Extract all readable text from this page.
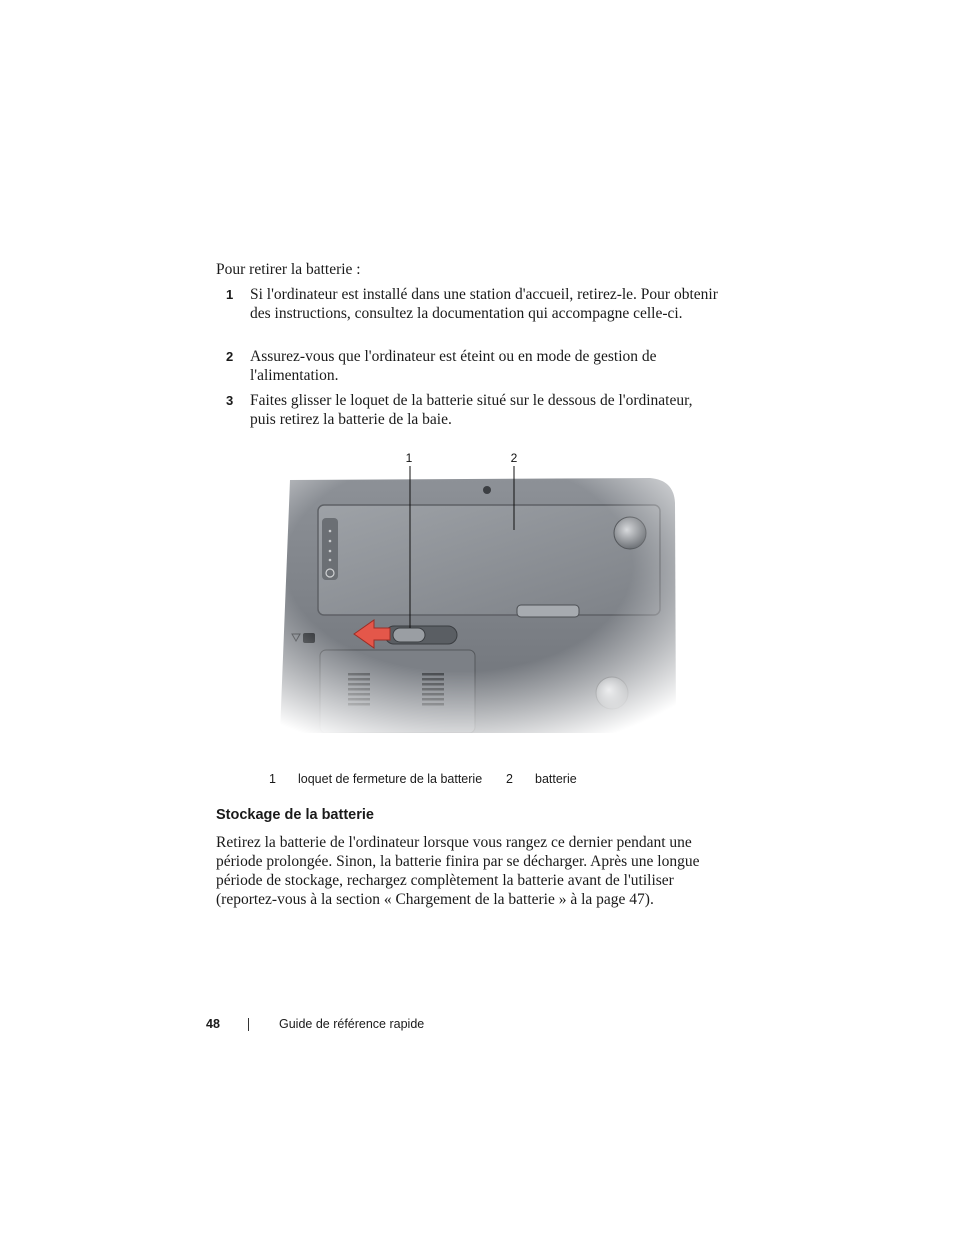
Pour retirer la batterie :
1 Si l'ordinateur est installé dans une station d'accueil, retirez-le. Pour obtenir des instructions, consultez la documentation qui accompagne celle-ci.
2 Assurez-vous que l'ordinateur est éteint ou en mode de gestion de l'alimentation.
3 Faites glisser le loquet de la batterie situé sur le dessous de l'ordinateur, puis retirez la batterie de la baie.
1	2
1 loquet de fermeture de la batterie 2 batterie
Stockage de la batterie
Retirez la batterie de l'ordinateur lorsque vous rangez ce dernier pendant une période prolongée. Sinon, la batterie finira par se décharger. Après une longue période de stockage, rechargez complètement la batterie avant de l'utiliser (reportez-vous à la section « Chargement de la batterie » à la page 47).
48	Guide de référence rapide
